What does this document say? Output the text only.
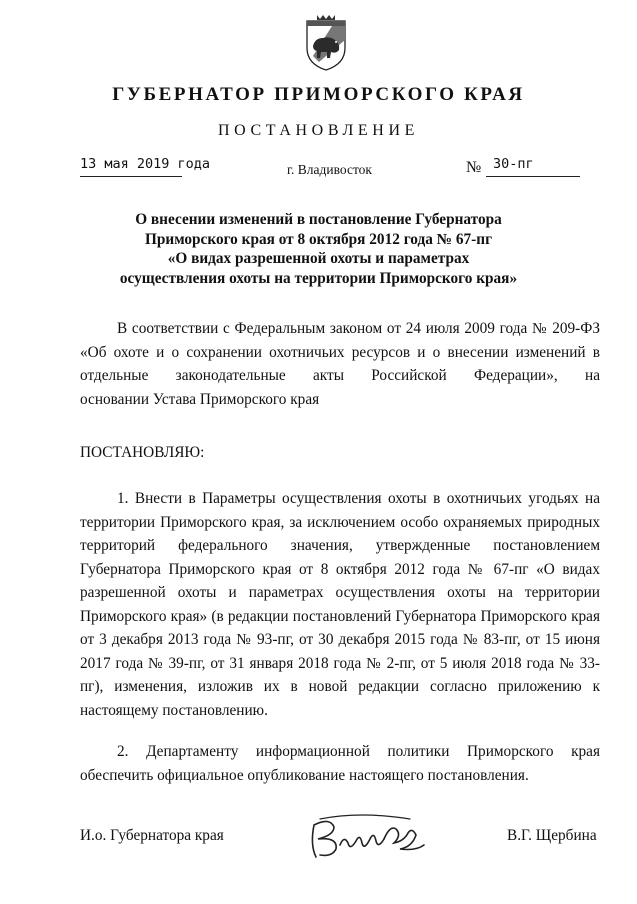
ГУБЕРНАТОР ПРИМОРСКОГО КРАЯ
ПОСТАНОВЛЕНИЕ
13 мая 2019 года	г. Владивосток	№ 30-пг
О внесении изменений в постановление Губернатора
Приморского края от 8 октября 2012 года № 67-пг
«О видах разрешенной охоты и параметрах
осуществления охоты на территории Приморского края»
В соответствии с Федеральным законом от 24 июля 2009 года № 209-ФЗ «Об охоте и о сохранении охотничьих ресурсов и о внесении изменений в отдельные законодательные акты Российской Федерации», на
основании Устава Приморского края
ПОСТАНОВЛЯЮ:
1. Внести в Параметры осуществления охоты в охотничьих угодьях на территории Приморского края, за исключением особо охраняемых природных территорий федерального значения, утвержденные постановлением Губернатора Приморского края от 8 октября 2012 года № 67-пг «О видах разрешенной охоты и параметрах осуществления охоты на территории Приморского края» (в редакции постановлений Губернатора Приморского края от 3 декабря 2013 года № 93-пг, от 30 декабря 2015 года № 83-пг, от 15 июня 2017 года № 39-пг, от 31 января 2018 года № 2-пг, от 5 июля 2018 года № 33-пг), изменения, изложив их в новой редакции согласно приложению к
настоящему постановлению.
2. Департаменту информационной политики Приморского края
обеспечить официальное опубликование настоящего постановления.
И.о. Губернатора края	В.Г. Щербина
